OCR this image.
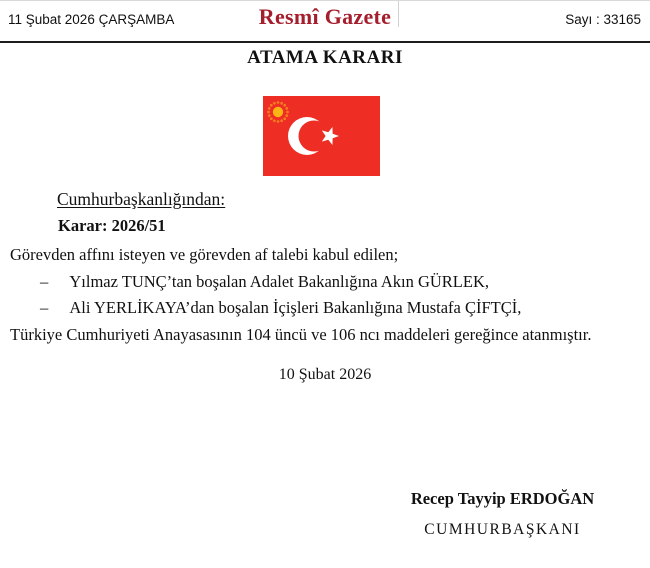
11 Şubat 2026 ÇARŞAMBA	Resmî Gazete	Sayı : 33165
ATAMA KARARI
Cumhurbaşkanlığından:
Karar: 2026/51

Görevden affını isteyen ve görevden af talebi kabul edilen;

– Yılmaz TUNÇ’tan boşalan Adalet Bakanlığına Akın GÜRLEK,

– Ali YERLİKAYA’dan boşalan İçişleri Bakanlığına Mustafa ÇİFTÇİ,

Türkiye Cumhuriyeti Anayasasının 104 üncü ve 106 ncı maddeleri gereğince atanmıştır.

10 Şubat 2026
Recep Tayyip ERDOĞAN
CUMHURBAŞKANI
